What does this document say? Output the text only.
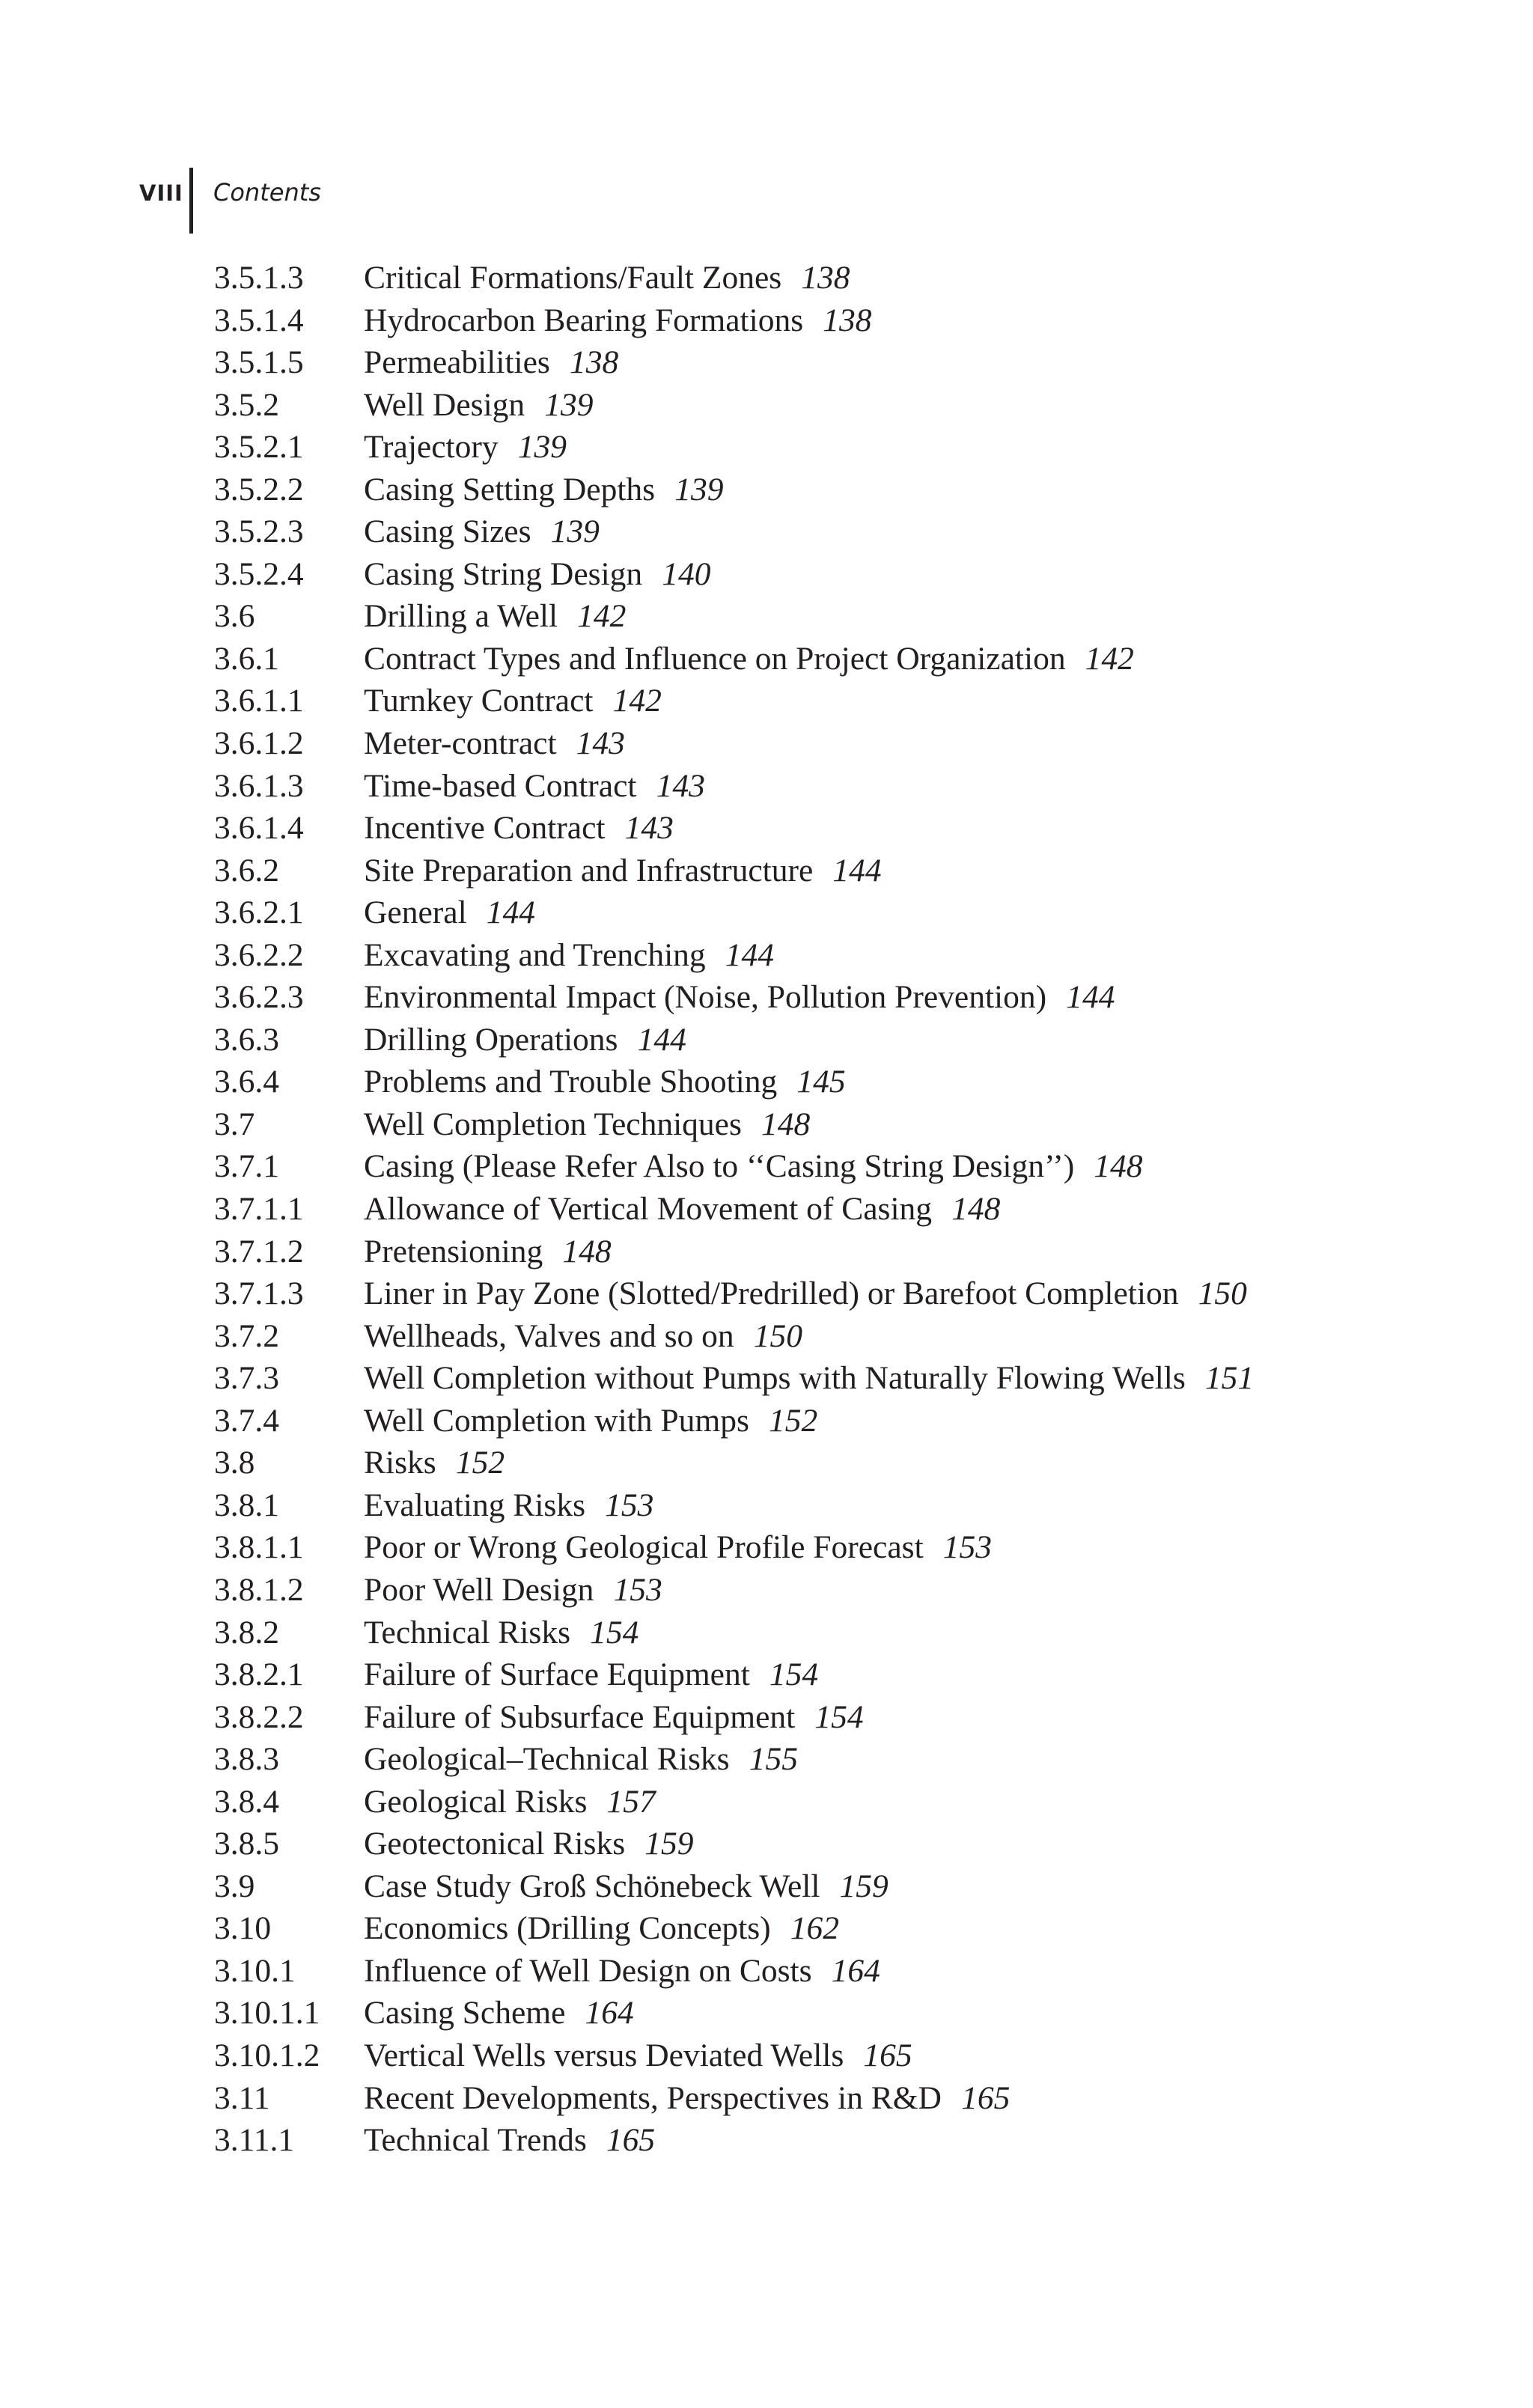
VIII Contents
3.5.1.3 Critical Formations/Fault Zones 138
3.5.1.4 Hydrocarbon Bearing Formations 138
3.5.1.5 Permeabilities 138
3.5.2	Well Design 139
3.5.2.1 Trajectory 139
3.5.2.2 Casing Setting Depths 139
3.5.2.3 Casing Sizes 139
3.5.2.4 Casing String Design 140
3.6	Drilling a Well 142
3.6.1	Contract Types and Influence on Project Organization 142
3.6.1.1 Turnkey Contract 142
3.6.1.2 Meter-contract 143
3.6.1.3 Time-based Contract 143
3.6.1.4 Incentive Contract 143
3.6.2	Site Preparation and Infrastructure 144
3.6.2.1 General 144
3.6.2.2 Excavating and Trenching 144
3.6.2.3 Environmental Impact (Noise, Pollution Prevention) 144
3.6.3	Drilling Operations 144
3.6.4	Problems and Trouble Shooting 145
3.7	Well Completion Techniques 148
3.7.1	Casing (Please Refer Also to ‘‘Casing String Design’’) 148
3.7.1.1 Allowance of Vertical Movement of Casing 148
3.7.1.2 Pretensioning 148
3.7.1.3 Liner in Pay Zone (Slotted/Predrilled) or Barefoot Completion 150
3.7.2	Wellheads, Valves and so on 150
3.7.3	Well Completion without Pumps with Naturally Flowing Wells 151
3.7.4	Well Completion with Pumps 152
3.8	Risks 152
3.8.1	Evaluating Risks 153
3.8.1.1 Poor or Wrong Geological Profile Forecast 153
3.8.1.2 Poor Well Design 153
3.8.2	Technical Risks 154
3.8.2.1 Failure of Surface Equipment 154
3.8.2.2 Failure of Subsurface Equipment 154
3.8.3	Geological–Technical Risks 155
3.8.4	Geological Risks 157
3.8.5	Geotectonical Risks 159
3.9	Case Study Groß Schönebeck Well 159
3.10	Economics (Drilling Concepts) 162
3.10.1 Influence of Well Design on Costs 164
3.10.1.1 Casing Scheme 164
3.10.1.2 Vertical Wells versus Deviated Wells 165
3.11	Recent Developments, Perspectives in R&D 165
3.11.1 Technical Trends 165
